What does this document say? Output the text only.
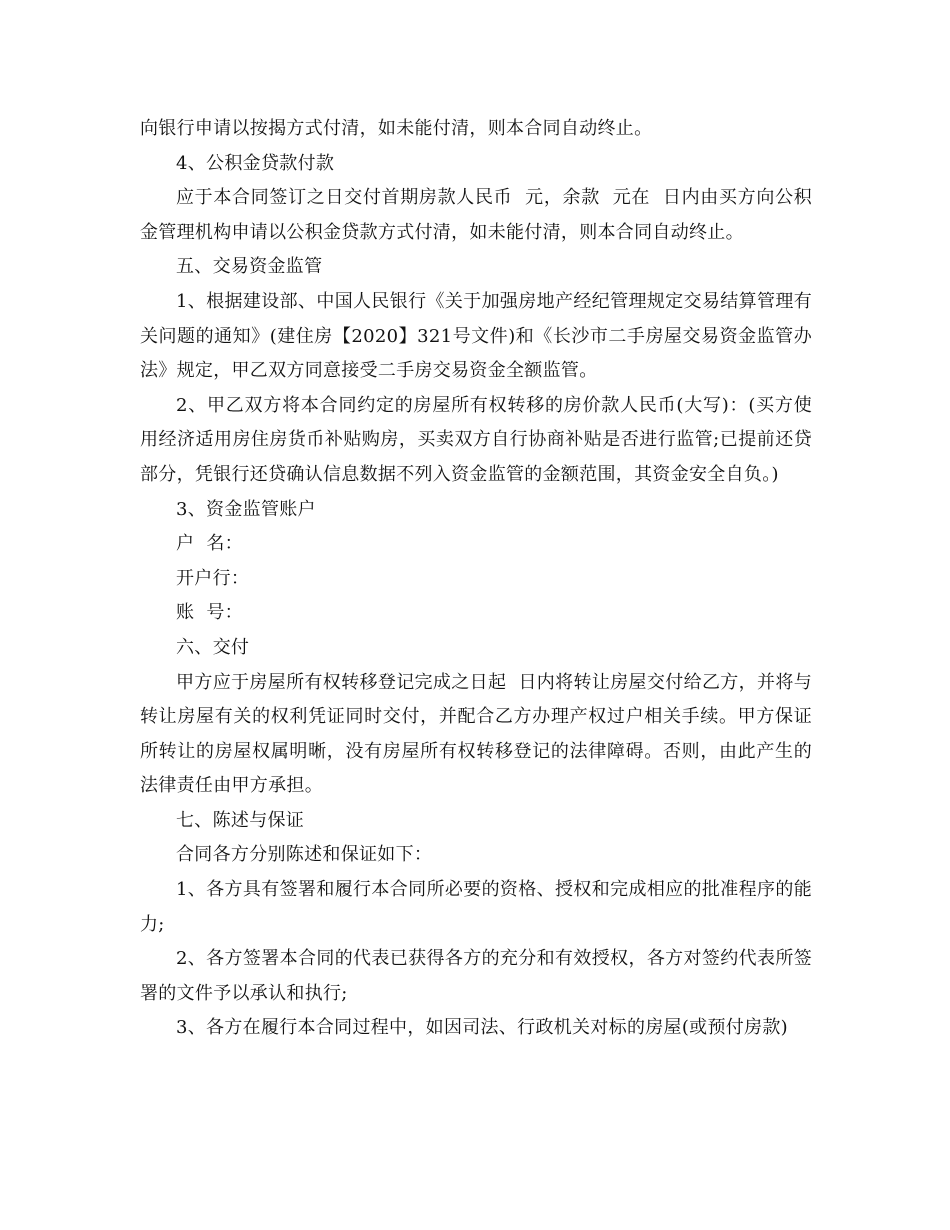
向银行申请以按揭方式付清，如未能付清，则本合同自动终止。

4、公积金贷款付款

应于本合同签订之日交付首期房款人民币  元，余款  元在  日内由买方向公积金管理机构申请以公积金贷款方式付清，如未能付清，则本合同自动终止。

五、交易资金监管

1、根据建设部、中国人民银行《关于加强房地产经纪管理规定交易结算管理有关问题的通知》(建住房【2020】321号文件)和《长沙市二手房屋交易资金监管办法》规定，甲乙双方同意接受二手房交易资金全额监管。

2、甲乙双方将本合同约定的房屋所有权转移的房价款人民币(大写)：(买方使用经济适用房住房货币补贴购房，买卖双方自行协商补贴是否进行监管;已提前还贷部分，凭银行还贷确认信息数据不列入资金监管的金额范围，其资金安全自负。)

3、资金监管账户

户  名：

开户行：

账  号：

六、交付

甲方应于房屋所有权转移登记完成之日起  日内将转让房屋交付给乙方，并将与转让房屋有关的权利凭证同时交付，并配合乙方办理产权过户相关手续。甲方保证所转让的房屋权属明晰，没有房屋所有权转移登记的法律障碍。否则，由此产生的法律责任由甲方承担。

七、陈述与保证

合同各方分别陈述和保证如下：

1、各方具有签署和履行本合同所必要的资格、授权和完成相应的批准程序的能力;

2、各方签署本合同的代表已获得各方的充分和有效授权，各方对签约代表所签署的文件予以承认和执行;

3、各方在履行本合同过程中，如因司法、行政机关对标的房屋(或预付房款)
